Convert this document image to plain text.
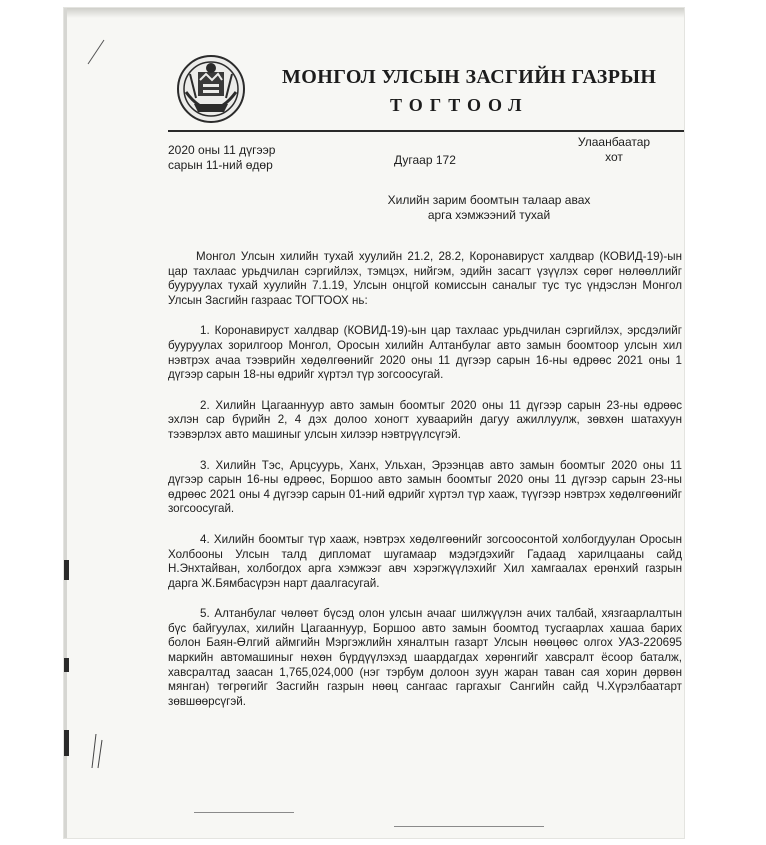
МОНГОЛ УЛСЫН ЗАСГИЙН ГАЗРЫН
ТОГТООЛ
2020 оны 11 дүгээр
сарын 11-ний өдөр	Дугаар 172
Улаанбаатар
хот
Хилийн зарим боомтын талаар авах
арга хэмжээний тухай

Монгол Улсын хилийн тухай хуулийн 21.2, 28.2, Коронавируст халдвар (КОВИД-19)-ын цар тахлаас урьдчилан сэргийлэх, тэмцэх, нийгэм, эдийн засагт үзүүлэх сөрөг нөлөөллийг бууруулах тухай хуулийн 7.1.19, Улсын онцгой комиссын саналыг тус тус үндэслэн Монгол Улсын Засгийн газраас ТОГТООХ нь:

1. Коронавируст халдвар (КОВИД-19)-ын цар тахлаас урьдчилан сэргийлэх, эрсдэлийг бууруулах зорилгоор Монгол, Оросын хилийн Алтанбулаг авто замын боомтоор улсын хил нэвтрэх ачаа тээврийн хөдөлгөөнийг 2020 оны 11 дүгээр сарын 16-ны өдрөөс 2021 оны 1 дүгээр сарын 18-ны өдрийг хүртэл түр зогсоосугай.

2. Хилийн Цагааннуур авто замын боомтыг 2020 оны 11 дүгээр сарын 23-ны өдрөөс эхлэн сар бүрийн 2, 4 дэх долоо хоногт хуваарийн дагуу ажиллуулж, зөвхөн шатахуун тээвэрлэх авто машиныг улсын хилээр нэвтрүүлсүгэй.

3. Хилийн Тэс, Арцсуурь, Ханх, Ульхан, Эрээнцав авто замын боомтыг 2020 оны 11 дүгээр сарын 16-ны өдрөөс, Боршоо авто замын боомтыг 2020 оны 11 дүгээр сарын 23-ны өдрөөс 2021 оны 4 дүгээр сарын 01-ний өдрийг хүртэл түр хааж, түүгээр нэвтрэх хөдөлгөөнийг зогсоосугай.

4. Хилийн боомтыг түр хааж, нэвтрэх хөдөлгөөнийг зогсоосонтой холбогдуулан Оросын Холбооны Улсын талд дипломат шугамаар мэдэгдэхийг Гадаад харилцааны сайд Н.Энхтайван, холбогдох арга хэмжээг авч хэрэгжүүлэхийг Хил хамгаалах ерөнхий газрын дарга Ж.Бямбасүрэн нарт даалгасугай.

5. Алтанбулаг чөлөөт бүсэд олон улсын ачааг шилжүүлэн ачих талбай, хязгаарлалтын бүс байгуулах, хилийн Цагааннуур, Боршоо авто замын боомтод тусгаарлах хашаа барих болон Баян-Өлгий аймгийн Мэргэжлийн хяналтын газарт Улсын нөөцөөс олгох УАЗ-220695 маркийн автомашиныг нөхөн бүрдүүлэхэд шаардагдах хөрөнгийг хавсралт ёсоор баталж, хавсралтад заасан 1,765,024,000 (нэг тэрбум долоон зуун жаран таван сая хорин дөрвөн мянган) төгрөгийг Засгийн газрын нөөц сангаас гаргахыг Сангийн сайд Ч.Хүрэлбаатарт зөвшөөрсүгэй.
